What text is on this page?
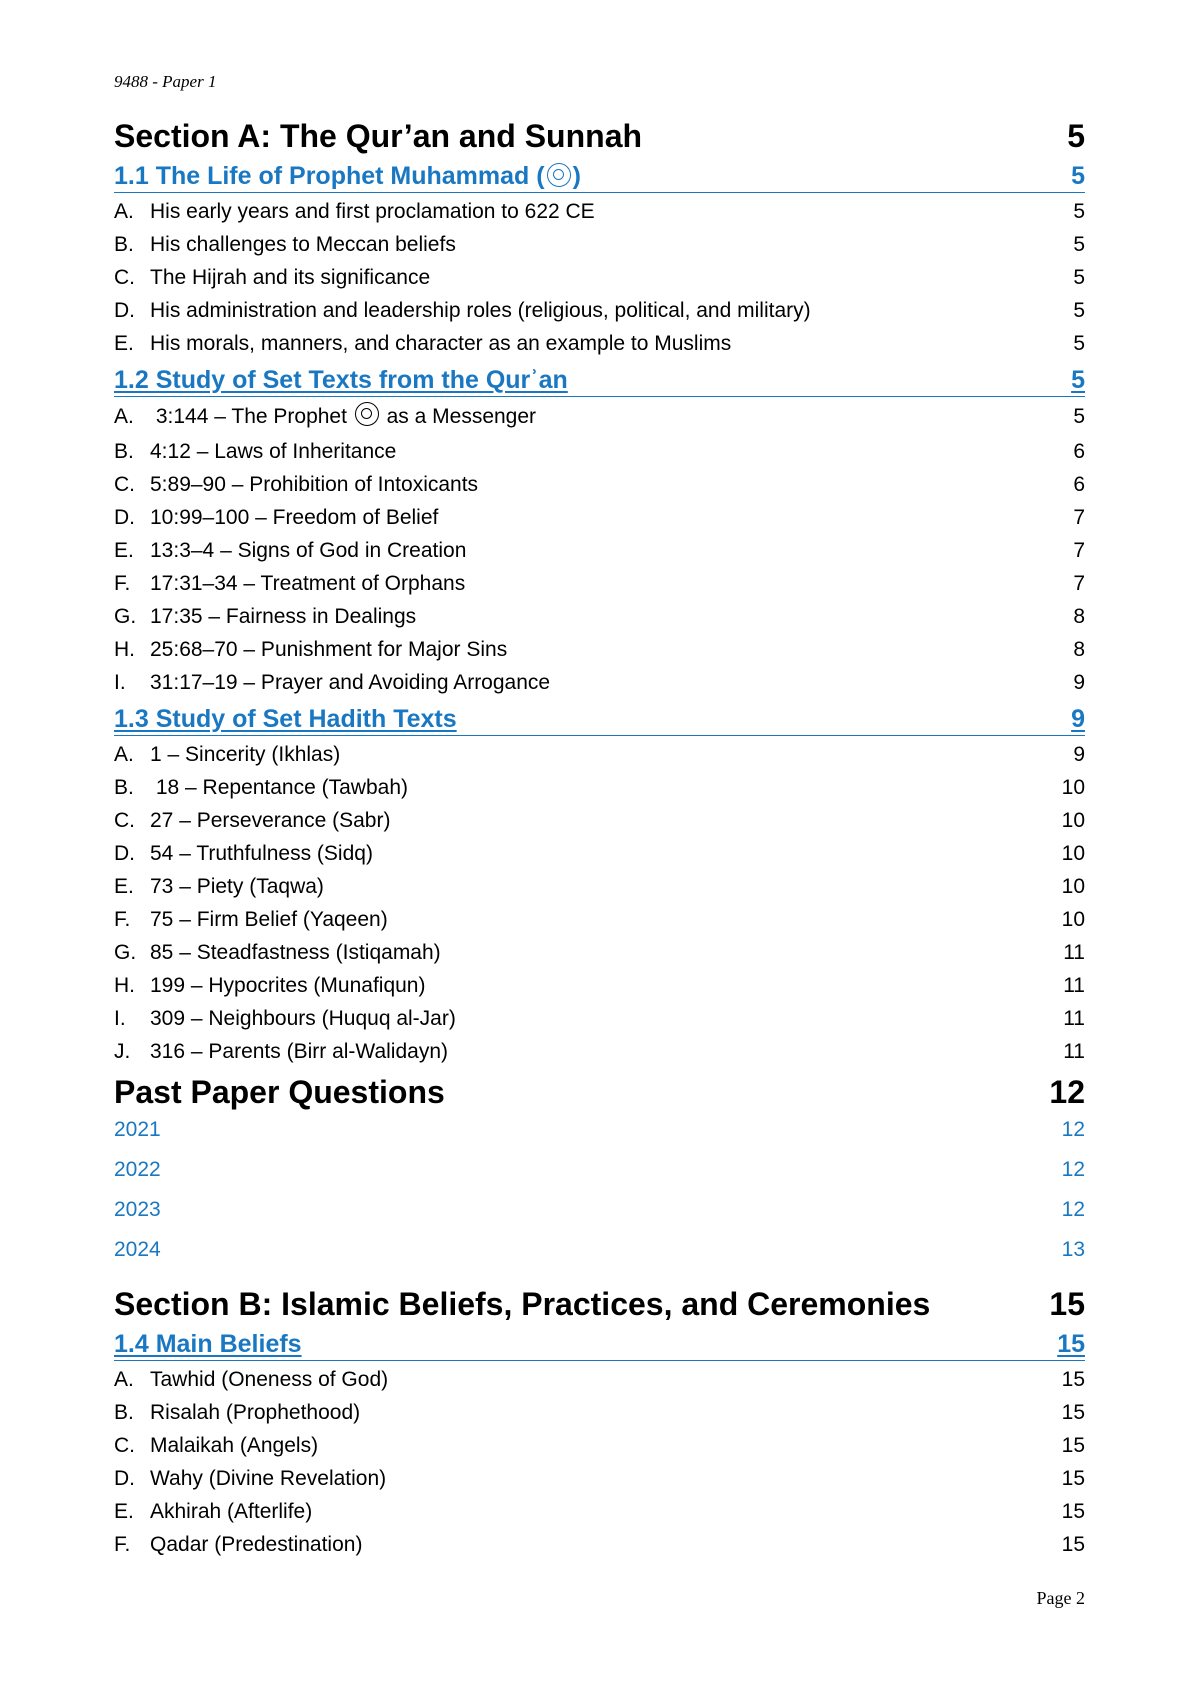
9488 - Paper 1
Section A: The Qur’an and Sunnah	5
1.1 The Life of Prophet Muhammad ( )	5
A. His early years and first proclamation to 622 CE	5
B. His challenges to Meccan beliefs	5
C. The Hijrah and its significance	5
D. His administration and leadership roles (religious, political, and military)	5
E. His morals, manners, and character as an example to Muslims	5
1.2 Study of Set Texts from the Qurʾan	5
A. 3:144 – The Prophet as a Messenger	5
B. 4:12 – Laws of Inheritance	6
C. 5:89–90 – Prohibition of Intoxicants	6
D. 10:99–100 – Freedom of Belief	7
E. 13:3–4 – Signs of God in Creation	7
F. 17:31–34 – Treatment of Orphans	7
G. 17:35 – Fairness in Dealings	8
H. 25:68–70 – Punishment for Major Sins	8
I. 31:17–19 – Prayer and Avoiding Arrogance	9
1.3 Study of Set Hadith Texts	9
A. 1 – Sincerity (Ikhlas)	9
B. 18 – Repentance (Tawbah)	10
C. 27 – Perseverance (Sabr)	10
D. 54 – Truthfulness (Sidq)	10
E. 73 – Piety (Taqwa)	10
F. 75 – Firm Belief (Yaqeen)	10
G. 85 – Steadfastness (Istiqamah)	11
H. 199 – Hypocrites (Munafiqun)	11
I. 309 – Neighbours (Huquq al-Jar)	11
J. 316 – Parents (Birr al-Walidayn)	11
Past Paper Questions	12
2021	12
2022	12
2023	12
2024	13
Section B: Islamic Beliefs, Practices, and Ceremonies	15
1.4 Main Beliefs	15
A. Tawhid (Oneness of God)	15
B. Risalah (Prophethood)	15
C. Malaikah (Angels)	15
D. Wahy (Divine Revelation)	15
E. Akhirah (Afterlife)	15
F. Qadar (Predestination)	15
Page 2
